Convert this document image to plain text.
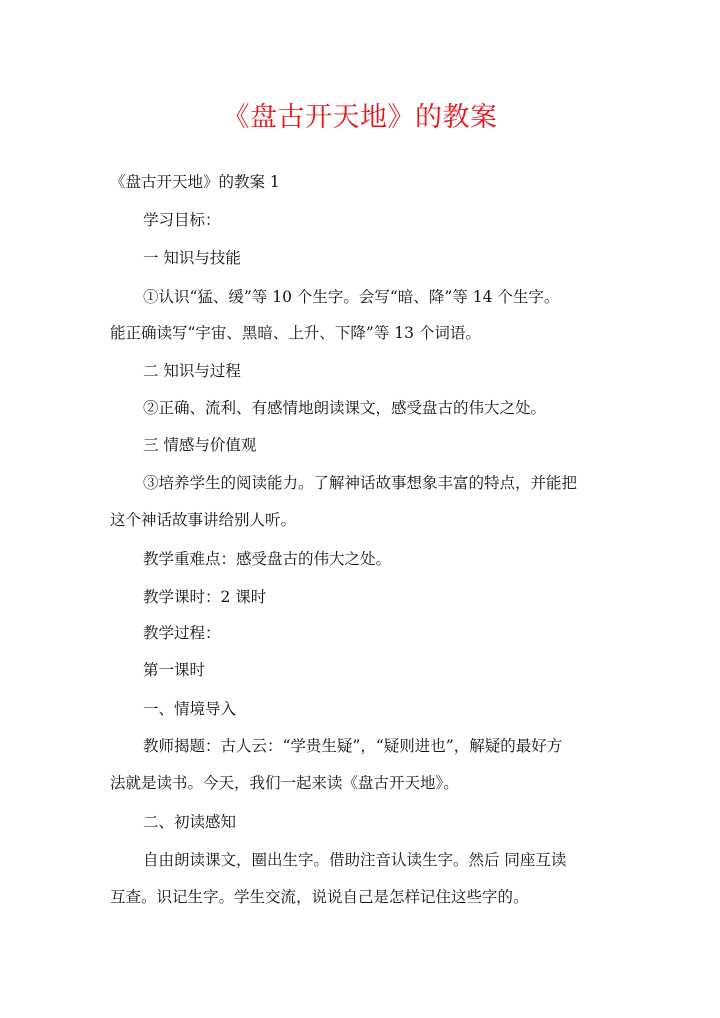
《盘古开天地》的教案
《盘古开天地》的教案 1
学习目标：
一 知识与技能
①认识“猛、缓”等 10 个生字。会写“暗、降”等 14 个生字。
能正确读写“宇宙、黑暗、上升、下降”等 13 个词语。
二 知识与过程
②正确、流利、有感情地朗读课文，感受盘古的伟大之处。
三 情感与价值观
③培养学生的阅读能力。了解神话故事想象丰富的特点，并能把
这个神话故事讲给别人听。
教学重难点：感受盘古的伟大之处。
教学课时：2 课时
教学过程：
第一课时
一、情境导入
教师揭题：古人云：“学贵生疑”，“疑则进也”，解疑的最好方
法就是读书。今天，我们一起来读《盘古开天地》。
二、初读感知
自由朗读课文，圈出生字。借助注音认读生字。然后 同座互读
互查。识记生字。学生交流，说说自己是怎样记住这些字的。
